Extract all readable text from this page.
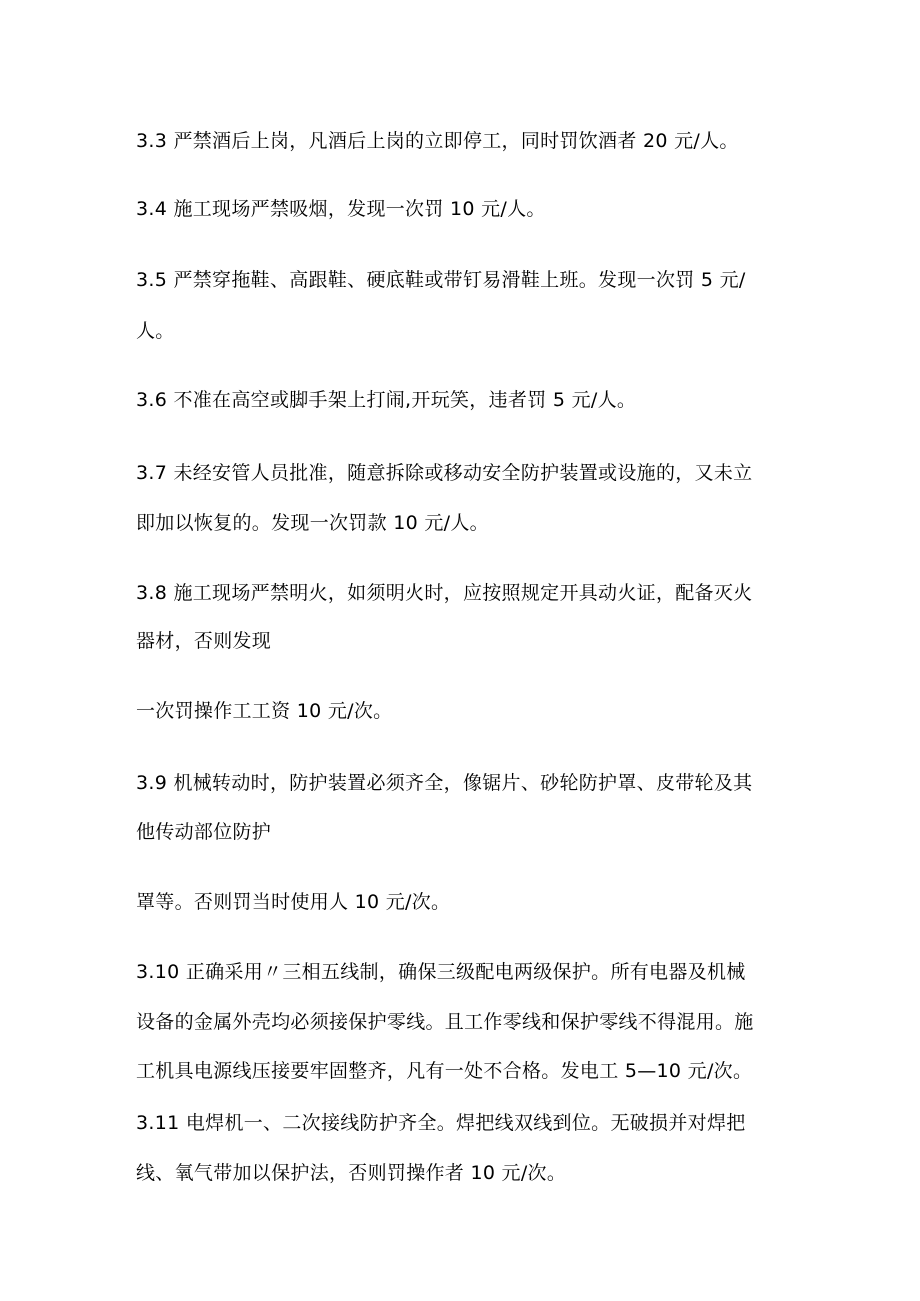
3.3 严禁酒后上岗，凡酒后上岗的立即停工，同时罚饮酒者 20 元/人。
3.4 施工现场严禁吸烟，发现一次罚 10 元/人。
3.5 严禁穿拖鞋、高跟鞋、硬底鞋或带钉易滑鞋上班。发现一次罚 5 元/
人。
3.6 不准在高空或脚手架上打闹,开玩笑，违者罚 5 元/人。
3.7 未经安管人员批准，随意拆除或移动安全防护装置或设施的，又未立
即加以恢复的。发现一次罚款 10 元/人。
3.8 施工现场严禁明火，如须明火时，应按照规定开具动火证，配备灭火
器材，否则发现
一次罚操作工工资 10 元/次。
3.9 机械转动时，防护装置必须齐全，像锯片、砂轮防护罩、皮带轮及其
他传动部位防护
罩等。否则罚当时使用人 10 元/次。
3.10 正确采用〃三相五线制，确保三级配电两级保护。所有电器及机械
设备的金属外壳均必须接保护零线。且工作零线和保护零线不得混用。施
工机具电源线压接要牢固整齐，凡有一处不合格。发电工 5—10 元/次。
3.11 电焊机一、二次接线防护齐全。焊把线双线到位。无破损并对焊把
线、氧气带加以保护法，否则罚操作者 10 元/次。
